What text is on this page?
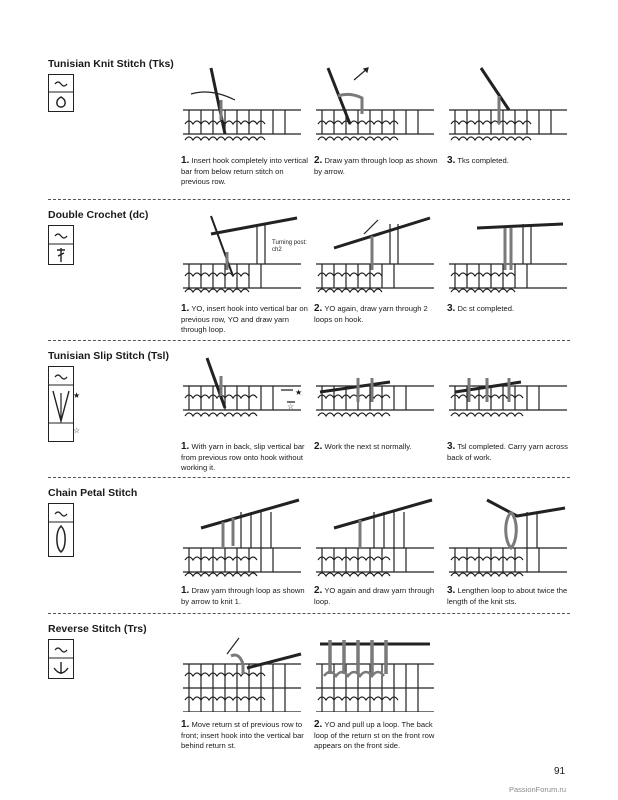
Tunisian Knit Stitch (Tks)
1. Insert hook completely into vertical bar from below return stitch on previous row.
2. Draw yarn through loop as shown by arrow.
3. Tks completed.
Double Crochet (dc)
1. YO, insert hook into vertical bar on previous row, YO and draw yarn through loop.
Turning post: ch2
2. YO again, draw yarn through 2 loops on hook.
3. Dc st completed.
Tunisian Slip Stitch (Tsl)
★
☆
1. With yarn in back, slip vertical bar from previous row onto hook without working it.
★
☆
2. Work the next st normally.	3. Tsl completed. Carry yarn across back of work.
Chain Petal Stitch
1. Draw yarn through loop as shown by arrow to knit 1.
2. YO again and draw yarn through loop.
3. Lengthen loop to about twice the length of the knit sts.
Reverse Stitch (Trs)
1. Move return st of previous row to front; insert hook into the vertical bar behind return st.
2. YO and pull up a loop. The back loop of the return st on the front row appears on the front side.
91
PassionForum.ru
